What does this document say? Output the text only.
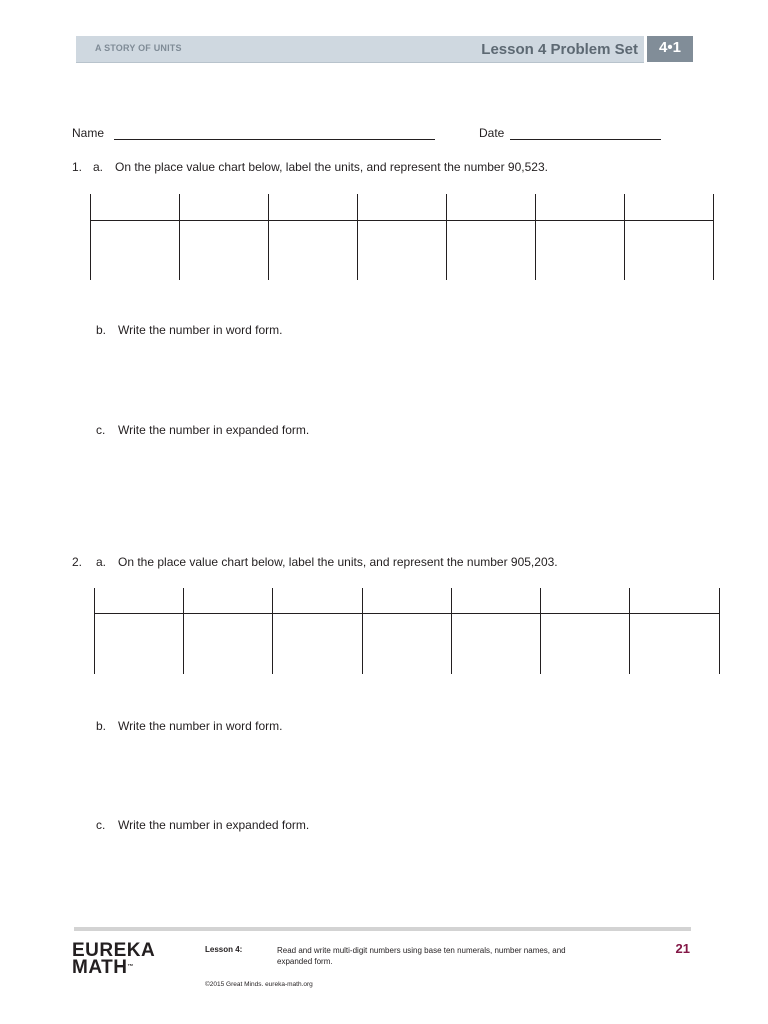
A STORY OF UNITS	Lesson 4 Problem Set	4•1
Name	Date
1. a. On the place value chart below, label the units, and represent the number 90,523.
b. Write the number in word form.
c. Write the number in expanded form.
2. a. On the place value chart below, label the units, and represent the number 905,203.
b. Write the number in word form.
c. Write the number in expanded form.
EUREKA
MATH™
Lesson 4:	Read and write multi-digit numbers using base ten numerals, number names, and expanded form.
21
©2015 Great Minds. eureka-math.org
